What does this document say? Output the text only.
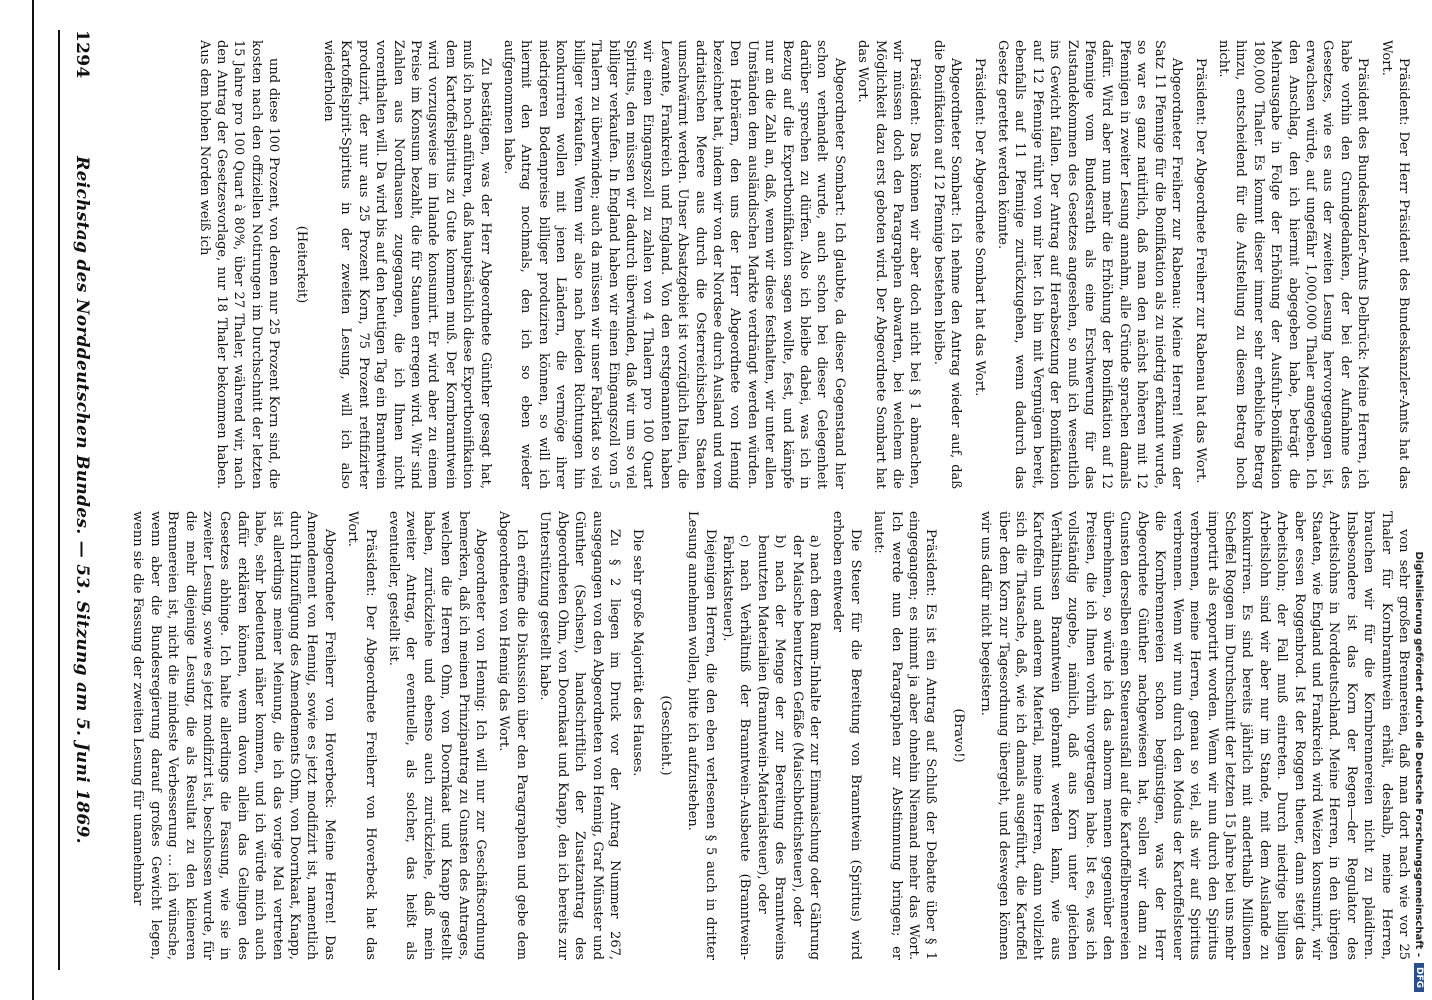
Präsident: Der Herr Präsident des Bundeskanzler-Amts hat das Wort.

Präsident des Bundeskanzler-Amts Delbrück: Meine Herren, ich habe vorhin den Grundgedanken, der bei der Aufnahme des Gesetzes, wie es aus der zweiten Lesung hervorgegangen ist, erwachsen würde, auf ungefähr 1,000,000 Thaler angegeben. Ich den Anschlag, den ich hiermit abgegeben habe, beträgt die Mehrausgabe in Folge der Erhöhung der Ausfuhr-Bonifikation 180,000 Thaler. Es kommt dieser immer sehr erhebliche Betrag hinzu, entscheidend für die Aufstellung zu diesem Betrag hoch nicht.

Präsident: Der Abgeordnete Freiherr zur Rabenau hat das Wort.

Abgeordneter Freiherr zur Rabenau: Meine Herren! Wenn der Satz 11 Pfennige für die Bonifikation als zu niedrig erkannt wurde, so war es ganz natürlich, daß man den nächst höheren mit 12 Pfennigen in zweiter Lesung annahm, alle Gründe sprachen damals dafür. Wird aber nun mehr die Erhöhung der Bonifikation auf 12 Pfennige vom Bundesrath als eine Erschwerung für das Zustandekommen des Gesetzes angesehen, so muß ich wesentlich ins Gewicht fallen. Der Antrag auf Herabsetzung der Bonifikation auf 12 Pfennige rührt von mir her. Ich bin mit Vergnügen bereit, ebenfalls auf 11 Pfennige zurückzugehen, wenn dadurch das Gesetz gerettet werden könnte.

Präsident: Der Abgeordnete Sombart hat das Wort.

Abgeordneter Sombart: Ich nehme den Antrag wieder auf, daß die Bonifikation auf 12 Pfennige bestehen bleibe.

Präsident: Das können wir aber doch nicht bei § 1 abmachen, wir müssen doch den Paragraphen abwarten, bei welchem die Möglichkeit dazu erst geboten wird. Der Abgeordnete Sombart hat das Wort.

Abgeordneter Sombart: Ich glaubte, da dieser Gegenstand hier schon verhandelt wurde, auch schon bei dieser Gelegenheit darüber sprechen zu dürfen. Also ich bleibe dabei, was ich in Bezug auf die Exportbonifikation sagen wollte, fest, und kämpfe nur an die Zahl an, daß, wenn wir diese festhalten, wir unter allen Umständen dem ausländischen Markte verdrängt werden würden. Den Hebräern, den uns der Herr Abgeordnete von Hennig bezeichnet hat, indem wir von der Nordsee durch Ausland und vom adriatischen Meere aus durch die Osterreichischen Staaten umschwärmt werden. Unser Absatzgebiet ist vorzüglich Italien, die Levante, Frankreich und England. Von den erstgenannten haben wir einen Eingangszoll zu zahlen von 4 Thalern pro 100 Quart Spiritus, den müssen wir dadurch überwinden, daß wir um so viel billiger verkaufen. In England haben wir einen Eingangszoll von 5 Thalern zu überwinden; auch da müssen wir unser Fabrikat so viel billiger verkaufen. Wenn wir also nach beiden Richtungen hin konkurriren wollen mit jenen Ländern, die vermöge ihrer niedrigeren Bodenpreise billiger produziren können, so will ich hiermit den Antrag nochmals, den ich so eben wieder aufgenommen habe.

Zu bestätigen, was der Herr Abgeordnete Günther gesagt hat, muß ich noch anführen, daß hauptsächlich diese Exportbonifikation dem Kartoffelspiritus zu Gute kommen muß. Der Kornbranntwein wird vorzugsweise im Inlande konsumirt. Er wird aber zu einem Preise im Konsum bezahlt, die für Staunen erregen wird. Wir sind Zahlen aus Nordhausen zugegangen, die ich Ihnen nicht vorenthalten will. Da wird bis auf den heutigen Tag ein Branntwein produzirt, der nur aus 25 Prozent Korn, 75 Prozent reftifizirter Kartoffelspirit-Spiritus in der zweiten Lesung, will ich also wiederholen

(Heiterkeit)

und diese 100 Prozent, von denen nur 25 Prozent Korn sind, die kosten nach den offiziellen Notirungen im Durchschnitt der letzten 15 Jahre pro 100 Quart à 80%, über 27 Thaler, während wir, nach den Antrag der Gesetzesvorlage, nur 18 Thaler bekommen haben. Aus dem hohen Norden weiß ich

von sehr großen Brennereien, daß man dort nach wie vor 25 Thaler für Kornbranntwein erhält, deshalb, meine Herren, brauchen wir für die Kornbrennereien nicht zu plaidiren. Insbesondere ist das Korn der Regen—der Regulator des Arbeitslohns in Norddeutschland. Meine Herren, in den übrigen Staaten, wie England und Frankreich wird Weizen konsumirt, wir aber essen Roggenbrod. Ist der Roggen theuer, dann steigt das Arbeitslohn; der Fall muß eintreten. Durch niedrige billigen Arbeitslohn sind wir aber nur im Stande, mit dem Auslande zu konkurriren. Es sind bereits jährlich mit anderthalb Millionen Scheffel Roggen im Durchschnitt der letzten 15 Jahre bei uns mehr importirt als exportirt worden. Wenn wir nun durch den Spiritus verbrennen, meine Herren, genau so viel, als wir auf Spiritus verbrennen. Wenn wir nun durch den Modus der Kartoffelsteuer die Kornbrennereien schon begünstigen, was der Herr Abgeordnete Günther nachgewiesen hat, sollen wir dann zu Gunsten derselben einen Steuerausfall auf die Kartoffelbrennereien übernehmen, so würde ich das abnorm nennen gegenüber den Preisen, die ich Ihnen vorhin vorgetragen habe. Ist es, was ich vollständig zugebe, nämlich, daß aus Korn unter gleichen Verhältnissen Branntwein gebrannt werden kann, wie aus Kartoffeln und anderem Material, meine Herren, dann vollzieht sich die Thatsache, daß, wie ich damals ausgeführt, die Kartoffel über dem Korn zur Tagesordnung übergeht, und deswegen können wir uns dafür nicht begeistern.

(Bravo!)

Präsident: Es ist ein Antrag auf Schluß der Debatte über § 1 eingegangen; es nimmt ja aber ohnehin Niemand mehr das Wort. Ich werde nun den Paragraphen zur Abstimmung bringen; er lautet:

Die Steuer für die Bereitung von Branntwein (Spiritus) wird erhoben entweder

a) nach dem Raum-Inhalte der zur Einmaischung oder Gährung der Maische benutzten Gefäße (Maischbottichsteuer), oder

b) nach der Menge der zur Bereitung des Branntweins benutzten Materialien (Branntwein-Materialsteuer), oder

c) nach Verhältniß der Branntwein-Ausbeute (Branntwein-Fabrikatsteuer).

Diejenigen Herren, die den eben verlesenen § 5 auch in dritter Lesung annehmen wollen, bitte ich aufzustehen.

(Geschieht.)

Die sehr große Majorität des Hauses.

Zu § 2 liegen im Druck vor der Antrag Nummer 267, ausgegangen von den Abgeordneten von Hennig, Graf Münster und Günther (Sachsen), handschriftlich der Zusatzantrag des Abgeordneten Ohm, von Doornkaat und Knapp, den ich bereits zur Unterstützung gestellt habe.

Ich eröffne die Diskussion über den Paragraphen und gebe dem Abgeordneten von Hennig das Wort.

Abgeordneter von Hennig: Ich will nur zur Geschäftsordnung bemerken, daß ich meinen Prinzipantrag zu Gunsten des Antrages, welchen die Herren Ohm, von Doornkaat und Knapp gestellt haben, zurückziehe und ebenso auch zurückziehe, daß mein zweiter Antrag, der eventuelle, als solcher, das heißt als eventueller, gestellt ist.

Präsident: Der Abgeordnete Freiherr von Hoverbeck hat das Wort.

Abgeordneter Freiherr von Hoverbeck: Meine Herren! Das Amendement von Hennig, sowie es jetzt modifizirt ist, namentlich durch Hinzufügung des Amendements Ohm, von Doornkaat, Knapp, ist allerdings meiner Meinung, die ich das vorige Mal vertreten habe, sehr bedeutend näher kommen, und ich würde mich auch dafür erklären können, wenn davon allein das Gelingen des Gesetzes abhinge. Ich halte allerdings die Fassung, wie sie in zweiter Lesung, sowie es jetzt modifizirt ist, beschlossen wurde, für die mehr diejenige Lesung, die als Resultat zu den kleineren Brennereien ist, nicht die mindeste Verbesserung ... ich wünsche, wenn aber die Bundesregierung darauf großes Gewicht legen, wenn sie die Fassung der zweiten Lesung für unannehmbar

1294
Reichstag des Norddeutschen Bundes. — 53. Sitzung am 5. Juni 1869.	Digitalisierung gefördert durch die Deutsche Forschungsgemeinschaft -
DFG
